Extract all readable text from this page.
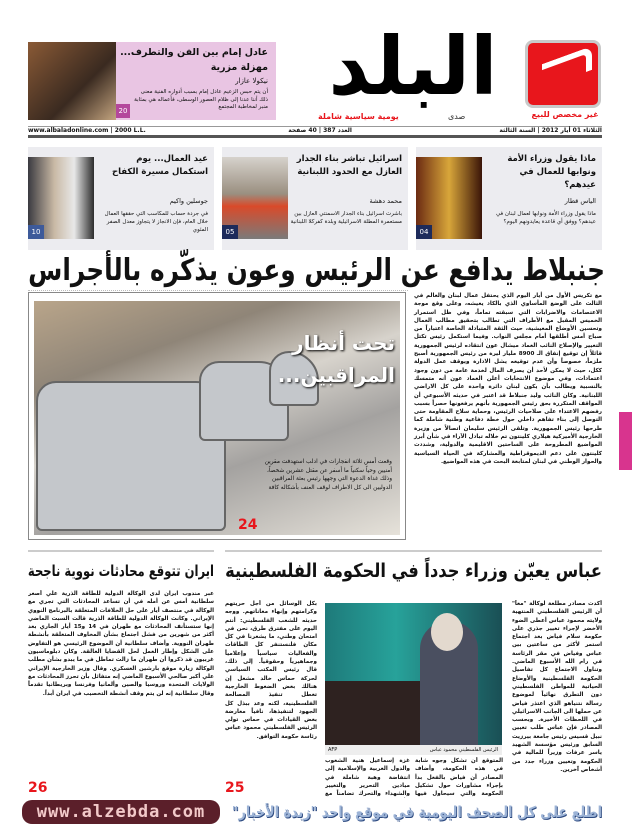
غير مخصص للبيع
البلد
صدى
يومية سياسية شاملة
20
عادل إمام بين الفن والتطرف...
مهزلة مزرية
نيكولا عازار
أن يتم حبس الزعيم عادل إمام بسبب أدواره الفنية معنى ذلك أننا عدنا إلى ظلام العصور الوسطى، فأعماله هي بمثابة منبر لمخاطبة المجتمع
الثلاثاء 01 أيار 2012 | السنة الثالثة
العدد 387 | 40 صفحة
www.albaladonline.com | 2000 L.L.
04
ماذا يقول وزراء الأمة ونوابها للعمال في عيدهم؟
الياس قطار
ماذا يقول وزراء الأمة ونوابها لعمال لبنان في عيدهم؟ ووفق أي قاعدة يعايدونهم اليوم؟
05
اسرائيل تباشر بناء الجدار العازل مع الحدود اللبنانية
محمد دهشة
باشرت اسرائيل بناء الجدار الاسمنتي العازل بين مستعمرة المطلة الاسرائيلية وبلدة كفركلا اللبنانية
10
عيد العمال... يوم استكمال مسيرة الكفاح
جوسلين واكيم
في جردة حساب للمكاسب التي حققها العمال خلال العام، فإن الانجاز لا يتجاوز معدل الصفر المئوي
جنبلاط يدافع عن الرئيس وعون يذكّره بالأجراس
تحت أنظار
المراقبين...
وقعت أمس ثلاثة انفجارات في ادلب استهدفت مقرين أمنيين وحياً سكنياً ما أسفر عن مقتل عشرين شخصاً، وذلك غداة الدعوة التي وجهها رئيس بعثة المراقبين الدوليين الى كل الاطراف لوقف العنف بأشكاله كافة
24
مع تكريس الأول من أيار اليوم الذي يحتفل عمال لبنان والعالم في الثالث على الوضع المأساوي الذي بالكاد يعيشه، وعلى وقع موجة الاعتصامات والاضرابات التي سبقته تماماً، وفي ظل استمرار الخميس المقبل مع الأطراف التي تطالب بتحقيق مطالب العمال وتحسين الأوضاع المعيشية، حيث الثقة المتبادلة الخاصة اعتباراً من صباح أمس أطلقها أمام مجلس النواب. وفيما استكمل رئيس تكتل التغيير والإصلاح النائب العماد ميشال عون انتقاده لرئيس الجمهورية قائلاً إن توقيع إنفاق الـ 8900 مليار ليرة من رئيس الجمهورية أصبح ملزماً، خصوصاً وأن عدم توقيعه يشل الادارة ويوقف عمل الدولة ككل، حيث لا يمكن لأحد أن يصرف المال لخدمة عامة من دون وجود اعتمادات، وفي موضوع الانتخابات أعلن العماد عون أنه متمسك بالنسبية ويطالب بأن يكون لبنان دائرة واحدة على كل الاراضي اللبنانية. وكان النائب وليد جنبلاط قد اعتبر في حديثه الأسبوعي أن المواقف المتكررة بحق رئيس الجمهورية بأنهم يرفعونها حصراً بسبب رفضهم الاعتداء على صلاحيات الرئيس، وحماية سلاح المقاومة حتى التوصل إلى بناء تفاهم داخلي حول خطة دفاعية وطنية شاملة كما طرحها رئيس الجمهورية. وتلقى الرئيس سليمان اتصالاً من وزيرة الخارجية الأميركية هيلاري كلينتون تم خلاله تبادل الآراء في شأن أبرز المواضيع المطروحة على الساحتين الاقليمية والدولية، وشددت كلينتون على دعم الديموقراطية والمشاركة في الحياة السياسية والحوار الوطني في لبنان لمتابعة البحث في هذه المواضيع.
ايران تتوقع محادثات نووية ناجحة عباس يعيّن وزراء جدداً في الحكومة الفلسطينية
أكدت مصادر مطلعة لوكالة "معاً" أن الرئيس الفلسطيني المنتهية ولايته محمود عباس أعطى الضوء الأخضر لإجراء تغيير جذري على حكومة سلام فياض بعد اجتماع استمر لأكثر من ساعتين بين عباس وفياض في مقر الرئاسة في رام الله الأسبوع الماضي. وتناول الاجتماع كل تفاصيل الحكومة الفلسطينية والأوضاع الحياتية للمواطن الفلسطيني دون التطرق نهائياً لموضوع رسالة نتنياهو الذي اعتذر فياض عن حملها الى الجانب الاسرائيلي في اللحظات الأخيرة. وبحسب المصادر فإن عباس طلب تعيين نبيل قسيس رئيس جامعة بيرزيت السابق ورئيس مؤسسة الشهيد ياسر عرفات وزيراً للمالية في الحكومة وتعيين وزراء جدد من أشخاص آخرين.
الرئيس الفلسطيني محمود عباس
AFP
المتوقع أن تشكل وجوه شابة في هذه الحكومة، وأضاف المصادر أن فياض بالفعل بدأ بإجراء مشاورات حول تشكيل الحكومة والتي سيحاول فيها
غزة إسماعيل هنية الشعوب والدول العربية والإسلامية إلى انتفاضة وهبة شاملة في ميادين التحرير والتغيير والشهداء والتحرك تضامناً مع
بكل الوسائل من أجل حريتهم وكرامتهم وإنهاء معاناتهم. ووجه حديثه للشعب الفلسطيني: أنتم اليوم على مفترق طرق، نحن في امتحان وطني، ما يشعرنا في كل مكان فلنستنفر كل الطاقات والفعاليات سياسياً وإعلامياً وجماهيرياً وحقوقياً. إلى ذلك، قال رئيس المكتب السياسي لحركة حماس خالد مشعل إن هنالك بعض الضغوط الخارجية تعطل تنفيذ المصالحة الفلسطينية، لكنه وعد ببذل كل الجهود لتنفيذها، نافياً معارضة بعض القيادات في حماس تولي الرئيس الفلسطيني محمود عباس رئاسة حكومة التوافق.
25
عبر مندوب ايران لدى الوكالة الدولية للطاقة الذرية علي أصغر سلطانية أمس عن أمله في أن تساعد المحادثات التي تجري مع الوكالة في منتصف أيار على حل الخلافات المتعلقة بالبرنامج النووي الإيراني. وكانت الوكالة الدولية للطاقة الذرية قالت السبت الماضي إنها ستستأنف المحادثات مع طهران في 14 و15 أيار الجاري بعد أكثر من شهرين من فشل اجتماع بشأن المخاوف المتعلقة بأنشطة طهران النووية. وأضاف سلطانية أن الموضوع الرئيسي هو التفاوض على الشكل وإطار العمل لحل القضايا العالقة. وكان دبلوماسيون غربيون قد ذكروا أن طهران ما زالت تماطل في ما يبدو بشأن مطلب الوكالة زيارة موقع بارشين العسكري. وقال وزير الخارجية الإيراني علي أكبر صالحي الأسبوع الماضي إنه متفائل بأن تحرز المحادثات مع الولايات المتحدة وروسيا والصين وألمانيا وفرنسا وبريطانيا تقدماً وقال سلطانية إنه لن يتم وقف أنشطة التخصيب في ايران أبداً.
26
www.alzebda.com	اطلع على كل الصحف اليومية في موقع واحد "زبدة الأخبار"
